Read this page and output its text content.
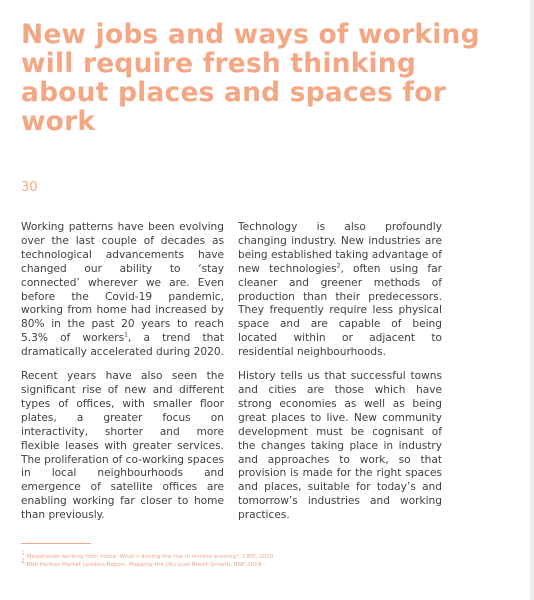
New jobs and ways of working will require fresh thinking about places and spaces for work
30

Working patterns have been evolving over the last couple of decades as technological advancements have changed our ability to ‘stay connected’ wherever we are. Even before the Covid-19 pandemic, working from home had increased by 80% in the past 20 years to reach 5.3% of workers$^1$, a trend that dramatically accelerated during 2020.

Recent years have also seen the significant rise of new and different types of offices, with smaller floor plates, a greater focus on interactivity, shorter and more flexible leases with greater services. The proliferation of co-working spaces in local neighbourhoods and emergence of satellite offices are enabling working far closer to home than previously.

Technology is also profoundly changing industry. New industries are being established taking advantage of new technologies$^2$, often using far cleaner and greener methods of production than their predecessors. They frequently require less physical space and are capable of being located within or adjacent to residential neighbourhoods.

History tells us that successful towns and cities are those which have strong economies as well as being great places to live. New community development must be cognisant of the changes taking place in industry and approaches to work, so that provision is made for the right spaces and places, suitable for today’s and tomorrow’s industries and working practices.

$^1$ Megatrends working from home: What’s driving the rise in remote working?, CIPD, 2020
$^2$ BNP Paribas Market Leaders Report, Mapping the UKs post Brexit Growth, BNP 2019
